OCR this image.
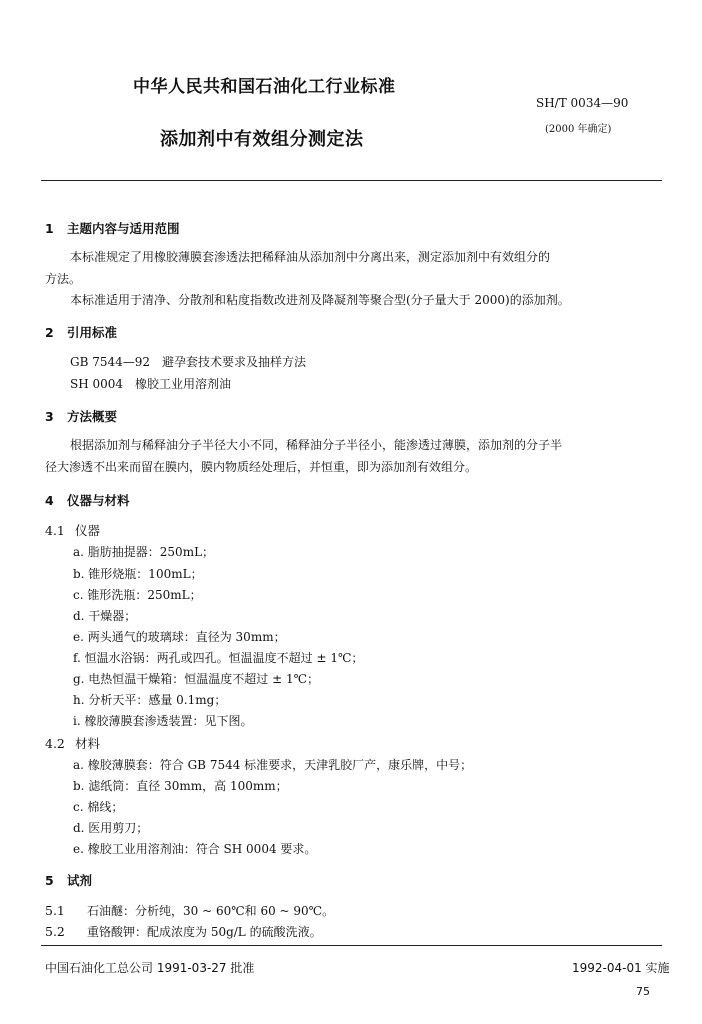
中华人民共和国石油化工行业标准
SH/T 0034—90
添加剂中有效组分测定法	(2000 年确定)
1 主题内容与适用范围
本标准规定了用橡胶薄膜套渗透法把稀释油从添加剂中分离出来，测定添加剂中有效组分的
方法。
本标准适用于清净、分散剂和粘度指数改进剂及降凝剂等聚合型(分子量大于 2000)的添加剂。
2 引用标准
GB 7544—92　避孕套技术要求及抽样方法
SH 0004　橡胶工业用溶剂油
3 方法概要
根据添加剂与稀释油分子半径大小不同，稀释油分子半径小，能渗透过薄膜，添加剂的分子半
径大渗透不出来而留在膜内，膜内物质经处理后，并恒重，即为添加剂有效组分。
4 仪器与材料
4.1 仪器
a. 脂肪抽提器：250mL；
b. 锥形烧瓶：100mL；
c. 锥形洗瓶：250mL；
d. 干燥器；
e. 两头通气的玻璃球：直径为 30mm；
f. 恒温水浴锅：两孔或四孔。恒温温度不超过 ± 1℃；
g. 电热恒温干燥箱：恒温温度不超过 ± 1℃；
h. 分析天平：感量 0.1mg；
i. 橡胶薄膜套渗透装置：见下图。
4.2 材料
a. 橡胶薄膜套：符合 GB 7544 标准要求，天津乳胶厂产，康乐牌，中号；
b. 滤纸筒：直径 30mm，高 100mm；
c. 棉线；
d. 医用剪刀；
e. 橡胶工业用溶剂油：符合 SH 0004 要求。
5 试剂
5.1 石油醚：分析纯，30 ~ 60℃和 60 ~ 90℃。
5.2 重铬酸钾：配成浓度为 50g/L 的硫酸洗液。
中国石油化工总公司 1991-03-27 批准	1992-04-01 实施
75
